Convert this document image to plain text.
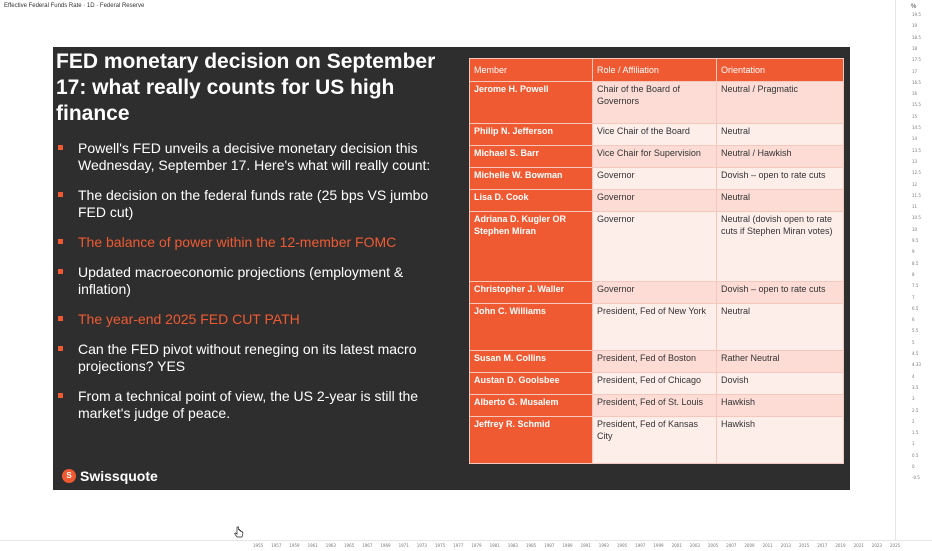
Effective Federal Funds Rate · 1D · Federal Reserve	%
19.5
19
18.5
18
17.5
17
16.5
16
15.5
15
14.5
14
13.5
13
12.5
12
11.5
11
10.5
10
9.5
9
8.5
8
7.5
7
6.5
6
5.5
5
4.5
4.33
4
3.5
3
2.5
2
1.5
1
0.5
0
-0.5
1955 1957 1959 1961 1963 1965 1967 1969 1971 1973 1975 1977 1979 1981 1983 1985 1987 1989 1991 1993 1995 1997 1999 2001 2003 2005 2007 2009 2011 2013 2015 2017 2019 2021 2023 2025
FED monetary decision on September 17: what really counts for US high finance
Powell's FED unveils a decisive monetary decision this Wednesday, September 17. Here's what will really count:
The decision on the federal funds rate (25 bps VS jumbo FED cut)
The balance of power within the 12-member FOMC
Updated macroeconomic projections (employment & inflation)
The year-end 2025 FED CUT PATH
Can the FED pivot without reneging on its latest macro projections? YES
From a technical point of view, the US 2-year is still the market's judge of peace.
Member	Role / Affiliation	Orientation
Jerome H. Powell	Chair of the Board of Governors	Neutral / Pragmatic
Philip N. Jefferson	Vice Chair of the Board	Neutral
Michael S. Barr	Vice Chair for Supervision	Neutral / Hawkish
Michelle W. Bowman	Governor	Dovish – open to rate cuts
Lisa D. Cook	Governor	Neutral
Adriana D. Kugler OR Stephen Miran	Governor	Neutral (dovish open to rate cuts if Stephen Miran votes)
Christopher J. Waller	Governor	Dovish – open to rate cuts
John C. Williams	President, Fed of New York	Neutral
Susan M. Collins	President, Fed of Boston	Rather Neutral
Austan D. Goolsbee	President, Fed of Chicago	Dovish
Alberto G. Musalem	President, Fed of St. Louis	Hawkish
Jeffrey R. Schmid	President, Fed of Kansas City	Hawkish
S Swissquote
